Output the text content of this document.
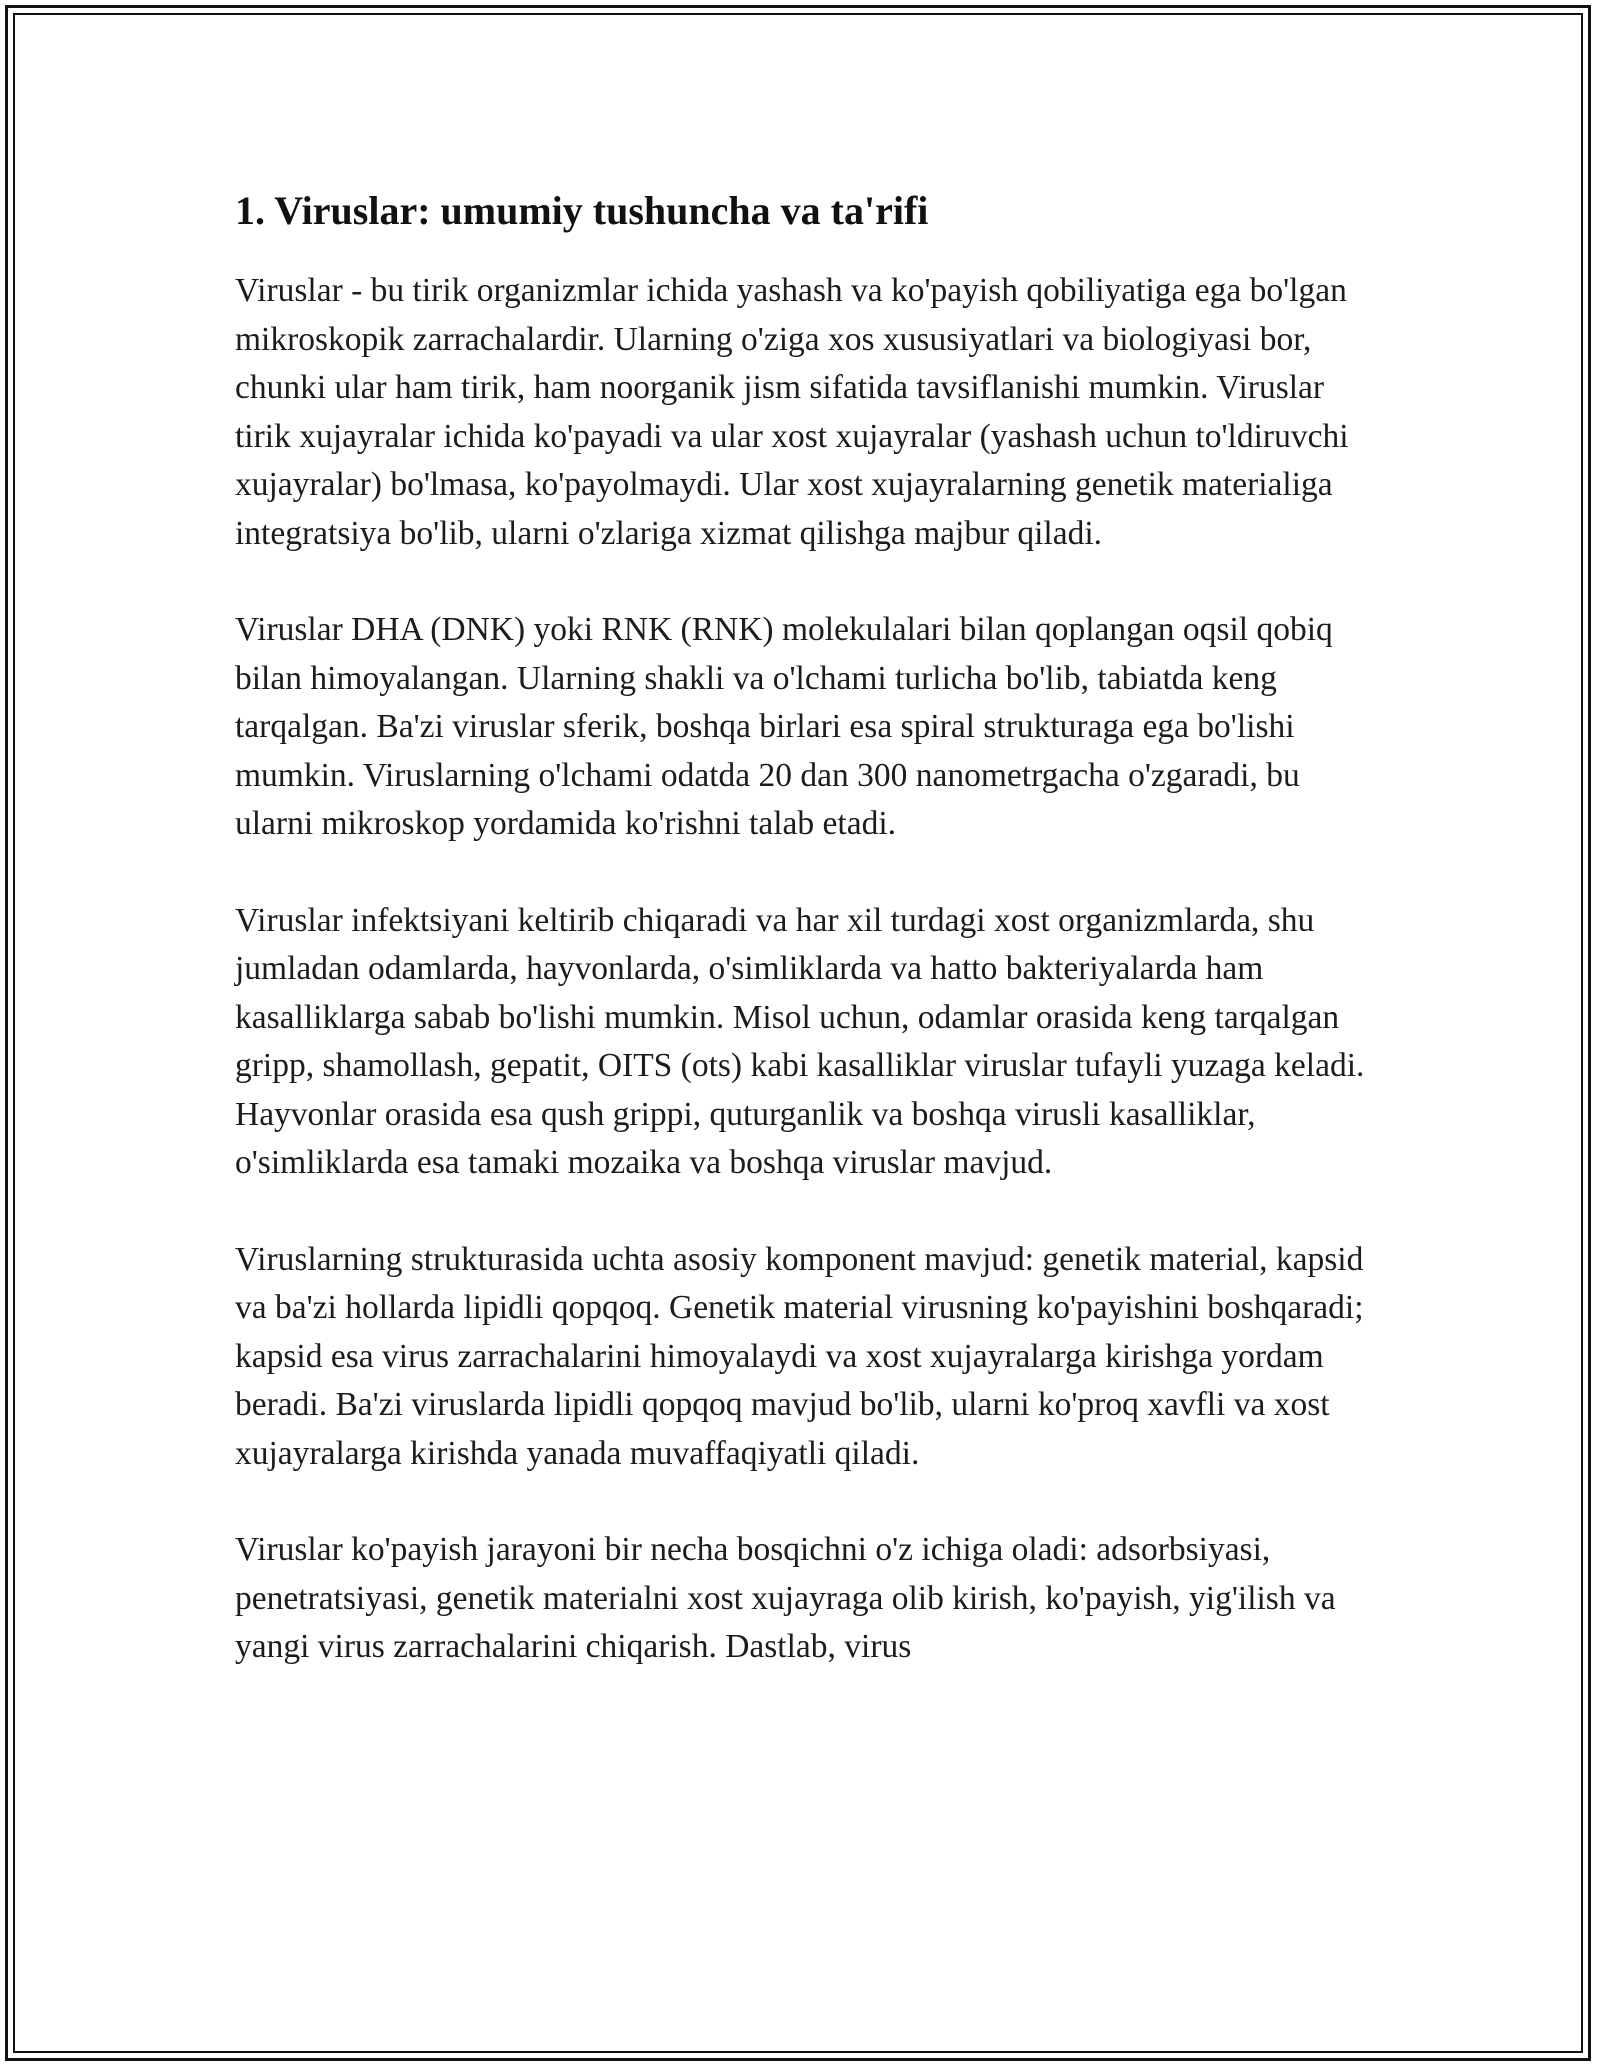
1. Viruslar: umumiy tushuncha va ta'rifi

Viruslar - bu tirik organizmlar ichida yashash va ko'payish qobiliyatiga ega bo'lgan mikroskopik zarrachalardir. Ularning o'ziga xos xususiyatlari va biologiyasi bor, chunki ular ham tirik, ham noorganik jism sifatida tavsiflanishi mumkin. Viruslar tirik xujayralar ichida ko'payadi va ular xost xujayralar (yashash uchun to'ldiruvchi xujayralar) bo'lmasa, ko'payolmaydi. Ular xost xujayralarning genetik materialiga integratsiya bo'lib, ularni o'zlariga xizmat qilishga majbur qiladi.

Viruslar DHA (DNK) yoki RNK (RNK) molekulalari bilan qoplangan oqsil qobiq bilan himoyalangan. Ularning shakli va o'lchami turlicha bo'lib, tabiatda keng tarqalgan. Ba'zi viruslar sferik, boshqa birlari esa spiral strukturaga ega bo'lishi mumkin. Viruslarning o'lchami odatda 20 dan 300 nanometrgacha o'zgaradi, bu ularni mikroskop yordamida ko'rishni talab etadi.

Viruslar infektsiyani keltirib chiqaradi va har xil turdagi xost organizmlarda, shu jumladan odamlarda, hayvonlarda, o'simliklarda va hatto bakteriyalarda ham kasalliklarga sabab bo'lishi mumkin. Misol uchun, odamlar orasida keng tarqalgan gripp, shamollash, gepatit, OITS (ots) kabi kasalliklar viruslar tufayli yuzaga keladi. Hayvonlar orasida esa qush grippi, quturganlik va boshqa virusli kasalliklar, o'simliklarda esa tamaki mozaika va boshqa viruslar mavjud.

Viruslarning strukturasida uchta asosiy komponent mavjud: genetik material, kapsid va ba'zi hollarda lipidli qopqoq. Genetik material virusning ko'payishini boshqaradi; kapsid esa virus zarrachalarini himoyalaydi va xost xujayralarga kirishga yordam beradi. Ba'zi viruslarda lipidli qopqoq mavjud bo'lib, ularni ko'proq xavfli va xost xujayralarga kirishda yanada muvaffaqiyatli qiladi.

Viruslar ko'payish jarayoni bir necha bosqichni o'z ichiga oladi: adsorbsiyasi, penetratsiyasi, genetik materialni xost xujayraga olib kirish, ko'payish, yig'ilish va yangi virus zarrachalarini chiqarish. Dastlab, virus
